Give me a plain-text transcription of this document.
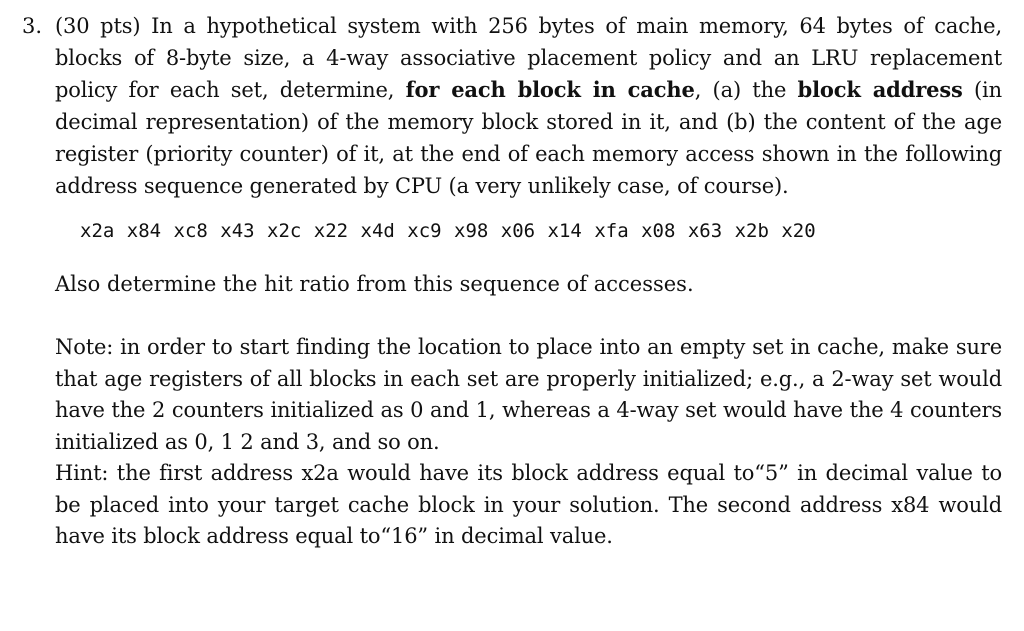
3. (30 pts) In a hypothetical system with 256 bytes of main memory, 64 bytes of cache, blocks of 8-byte size, a 4-way associative placement policy and an LRU replacement policy for each set, determine, for each block in cache, (a) the block address (in decimal representation) of the memory block stored in it, and (b) the content of the age register (priority counter) of it, at the end of each memory access shown in the following address sequence generated by CPU (a very unlikely case, of course).

x2a x84 xc8 x43 x2c x22 x4d xc9 x98 x06 x14 xfa x08 x63 x2b x20
Also determine the hit ratio from this sequence of accesses.
Note: in order to start finding the location to place into an empty set in cache, make sure that age registers of all blocks in each set are properly initialized; e.g., a 2-way set would have the 2 counters initialized as 0 and 1, whereas a 4-way set would have the 4 counters initialized as 0, 1 2 and 3, and so on.
Hint: the first address x2a would have its block address equal to“5” in decimal value to be placed into your target cache block in your solution. The second address x84 would have its block address equal to“16” in decimal value.
